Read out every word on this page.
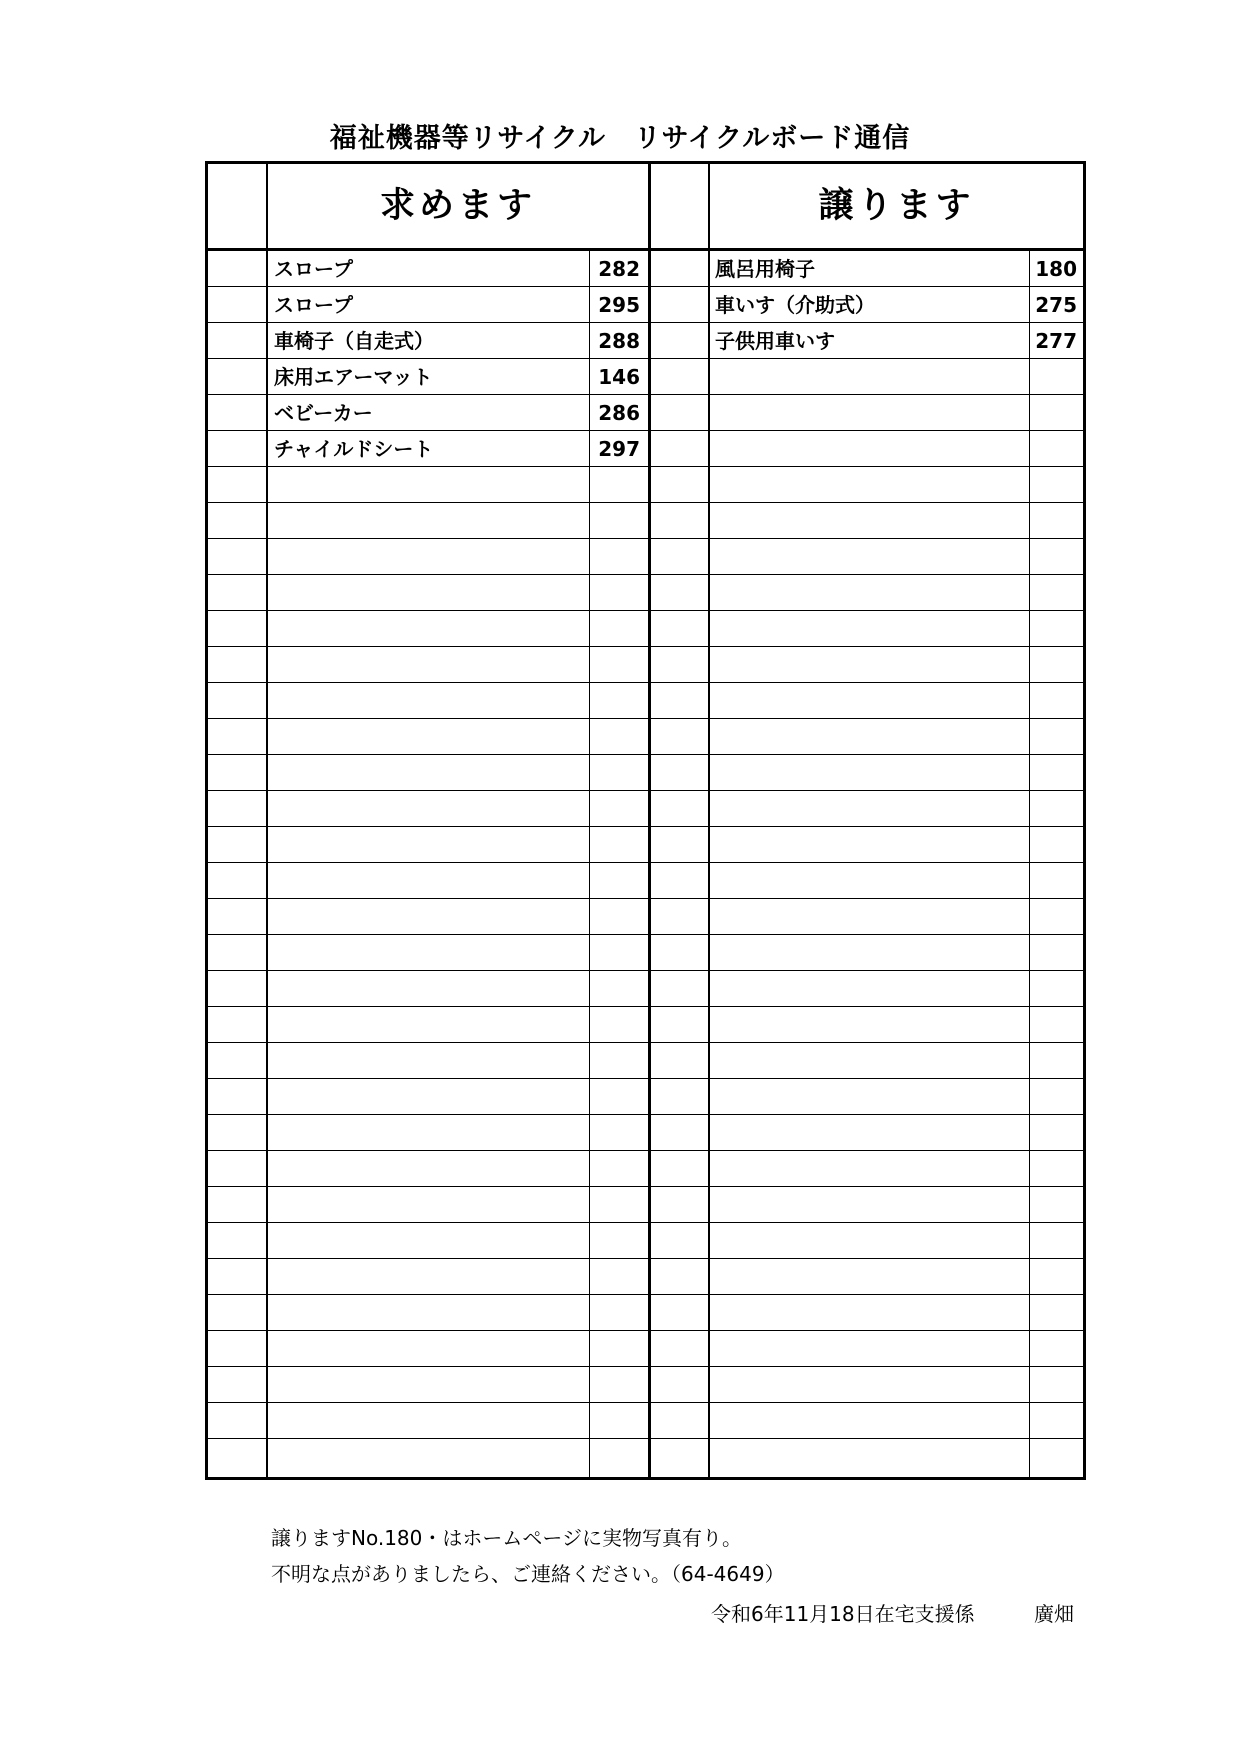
福祉機器等リサイクル　リサイクルボード通信
求めます	譲ります
スロープ	282
スロープ	295
車椅子（自走式）	288
床用エアーマット	146
ベビーカー	286
チャイルドシート	297
風呂用椅子	180
車いす（介助式）	275
子供用車いす	277
譲りますNo.180・はホームページに実物写真有り。
不明な点がありましたら、ご連絡ください。（64-4649）
令和6年11月18日在宅支援係	廣畑
